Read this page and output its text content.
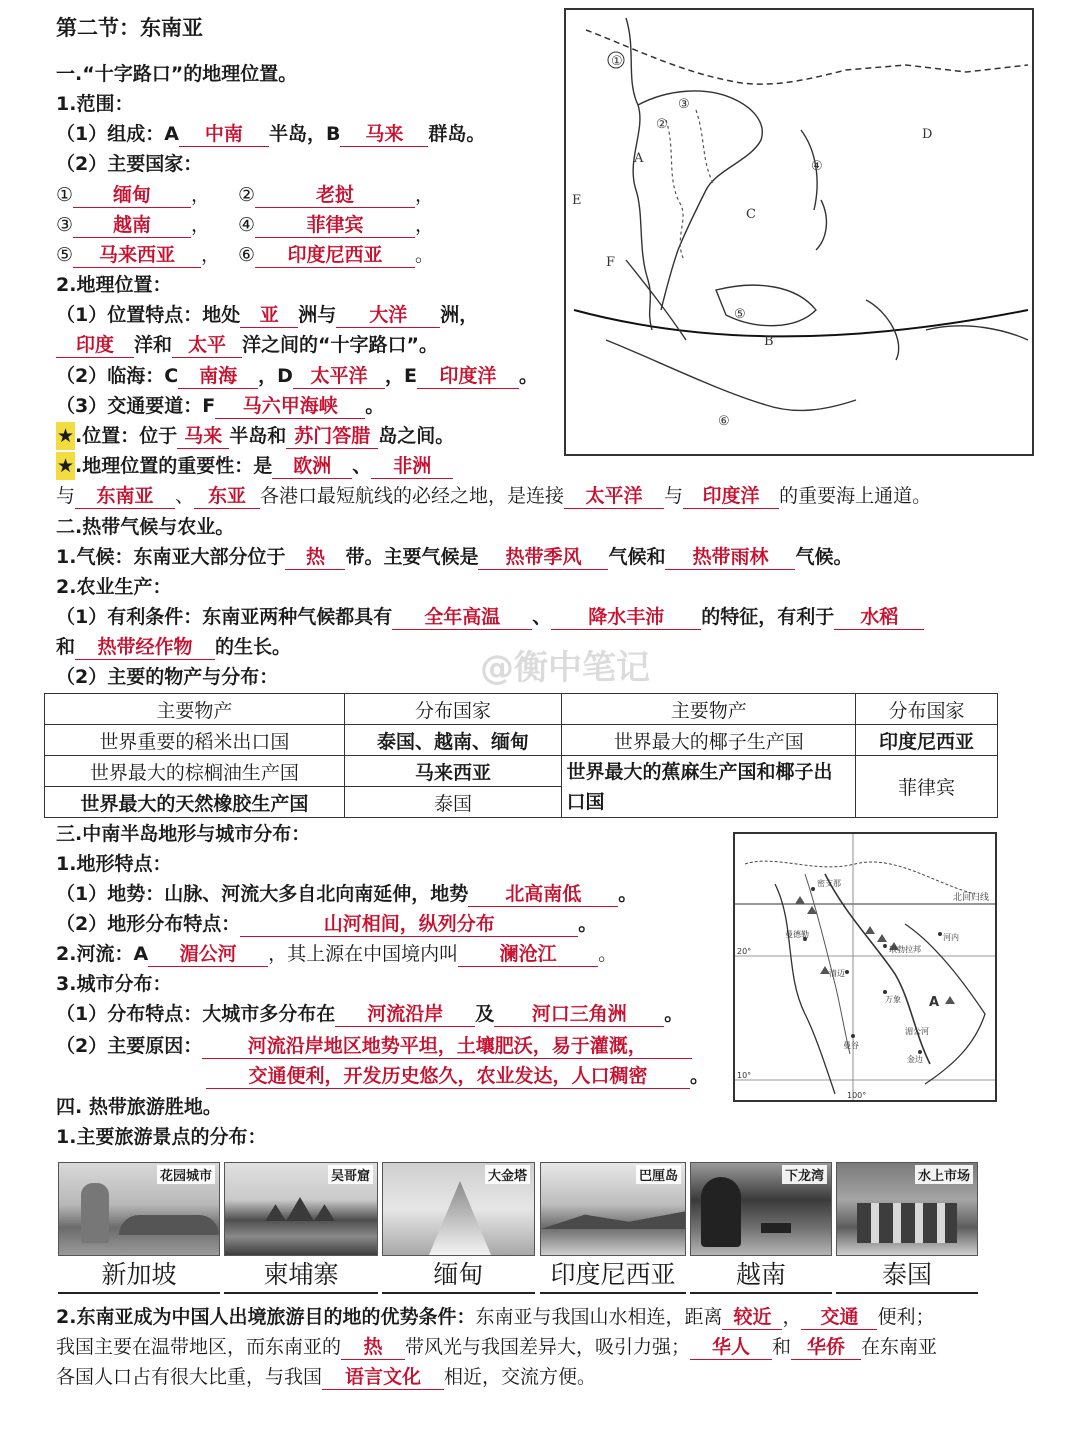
第二节：东南亚
一.“十字路口”的地理位置。
1.范围：
（1）组成：A 中南 半岛，B 马来 群岛。
（2）主要国家：
① 缅甸 ， ②	老挝	，
③ 越南 ， ④	菲律宾	，
⑤ 马来西亚 ， ⑥ 印度尼西亚 。
2.地理位置：
（1）位置特点：地处 亚 洲与 大洋 洲，
印度 洋和 太平 洋之间的“十字路口”。
（2）临海：C 南海 ，D 太平洋 ，E 印度洋 。
（3）交通要道：F 马六甲海峡 。
★.位置：位于 马来 半岛和 苏门答腊 岛之间。
★.地理位置的重要性：是 欧洲 、 非洲
与 东南亚 、 东亚 各港口最短航线的必经之地，是连接 太平洋 与 印度洋 的重要海上通道。
①
②
③
④
⑤
⑥
A
B
C
D
E
F
二.热带气候与农业。
1.气候：东南亚大部分位于 热 带。主要气候是 热带季风 气候和 热带雨林 气候。
2.农业生产：
（1）有利条件：东南亚两种气候都具有 全年高温 、 降水丰沛 的特征，有利于 水稻
和 热带经作物 的生长。
（2）主要的物产与分布：
主要物产	分布国家	主要物产	分布国家
世界重要的稻米出口国	泰国、越南、缅甸	世界最大的椰子生产国	印度尼西亚
世界最大的棕榈油生产国	马来西亚	世界最大的蕉麻生产国和椰子出口国	菲律宾
世界最大的天然橡胶生产国	泰国		
@衡中笔记
三.中南半岛地形与城市分布：
1.地形特点：
（1）地势：山脉、河流大多自北向南延伸，地势 北高南低 。
（2）地形分布特点：	山河相间，纵列分布	。
2.河流：A 湄公河 ，其上源在中国境内叫 澜沧江 。
3.城市分布：
（1）分布特点：大城市多分布在 河流沿岸 及 河口三角洲 。
（2）主要原因： 河流沿岸地区地势平坦，土壤肥沃，易于灌溉，
交通便利，开发历史悠久，农业发达，人口稠密 。
北回归线
密支那
河内
曼德勒
琅勃拉邦
清迈
万象
曼谷
金边
A
20°
10°
100°
湄公河
四. 热带旅游胜地。
1.主要旅游景点的分布：
花园城市	吴哥窟	大金塔	巴厘岛	下龙湾	水上市场
新加坡	柬埔寨	缅甸	印度尼西亚	越南	泰国
2.东南亚成为中国人出境旅游目的地的优势条件：东南亚与我国山水相连，距离 较近 ， 交通 便利；
我国主要在温带地区，而东南亚的 热 带风光与我国差异大，吸引力强； 华人 和 华侨 在东南亚
各国人口占有很大比重，与我国 语言文化 相近，交流方便。
